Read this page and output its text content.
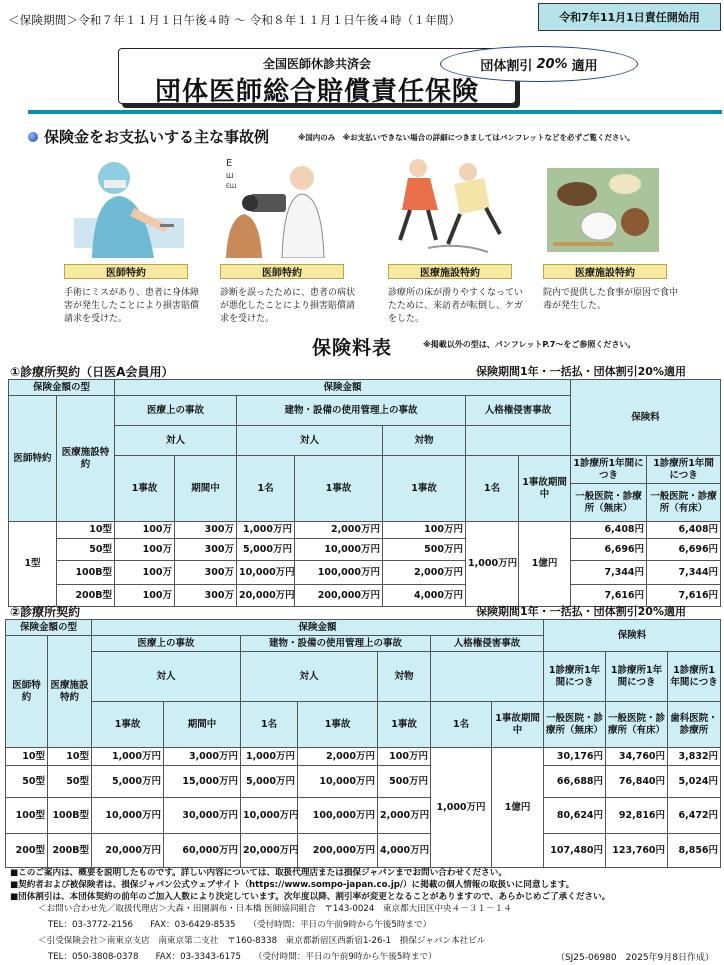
＜保険期間＞令和７年１１月１日午後４時 ～ 令和８年１１月１日午後４時（１年間）	令和7年11月1日責任開始用
全国医師休診共済会
団体医師総合賠償責任保険
団体割引 20% 適用
保険金をお支払いする主な事故例	※国内のみ　※お支払いできない場合の詳細につきましてはパンフレットなどを必ずご覧ください。
医師特約
手術にミスがあり、患者に身体障害が発生したことにより損害賠償請求を受けた。
E
Ш
ЕШ
医師特約
診断を誤ったために、患者の病状が悪化したことにより損害賠償請求を受けた。
医療施設特約
診療所の床が滑りやすくなっていたために、来訪者が転倒し、ケガをした。
医療施設特約
院内で提供した食事が原因で食中毒が発生した。
保険料表	※掲載以外の型は、パンフレットP.7～をご参照ください。
①診療所契約（日医A会員用）	保険期間1年・一括払・団体割引20%適用
保険金額の型		保険金額							保険料	
医師特約	医療施設特約	医療上の事故		建物・設備の使用管理上の事故			人格権侵害事故			
		対人		対人		対物				
		1事故	期間中	1名	1事故	1事故	1名	1事故期間中	1診療所1年間につき	1診療所1年間につき
									一般医院・診療所（無床）	一般医院・診療所（有床）
1型	10型	100万	300万	1,000万円	2,000万円	100万円	1,000万円	1億円	6,408円	6,408円
	50型	100万	300万	5,000万円	10,000万円	500万円			6,696円	6,696円
	100B型	100万	300万	10,000万円	100,000万円	2,000万円			7,344円	7,344円
	200B型	100万	300万	20,000万円	200,000万円	4,000万円			7,616円	7,616円
②診療所契約	保険期間1年・一括払・団体割引20%適用
保険金額の型		保険金額							保険料		
医師特約	医療施設特約	医療上の事故		建物・設備の使用管理上の事故			人格権侵害事故				
		対人		対人		対物			1診療所1年間につき	1診療所1年間につき	1診療所1年間につき
		1事故	期間中	1名	1事故	1事故	1名	1事故期間中	一般医院・診療所（無床）	一般医院・診療所（有床）	歯科医院・診療所

10型	10型	1,000万円	3,000万円	1,000万円	2,000万円	100万円	1,000万円	1億円	30,176円	34,760円	3,832円
50型	50型	5,000万円	15,000万円	5,000万円	10,000万円	500万円			66,688円	76,840円	5,024円
100型	100B型	10,000万円	30,000万円	10,000万円	100,000万円	2,000万円			80,624円	92,816円	6,472円
200型	200B型	20,000万円	60,000万円	20,000万円	200,000万円	4,000万円			107,480円	123,760円	8,856円
■このご案内は、概要を説明したものです。詳しい内容については、取扱代理店または損保ジャパンまでお問い合わせください。
■契約者および被保険者は、損保ジャパン公式ウェブサイト（https://www.sompo-japan.co.jp/）に掲載の個人情報の取扱いに同意します。
■団体割引は、本団体契約の前年のご加入人数により決定しています。次年度以降、割引率が変更となることがありますので、あらかじめご了承ください。
＜お問い合わせ先／取扱代理店＞大森・田園調布・日本橋 医師協同組合　〒143-0024　東京都大田区中央４－３１－１４
TEL：03-3772-2156　　FAX：03-6429-8535　　（受付時間：平日の午前9時から午後5時まで）
＜引受保険会社＞南東京支店　南東京第二支社　〒160-8338　東京都新宿区西新宿1-26-1　損保ジャパン本社ビル
TEL：050-3808-0378　　FAX：03-3343-6175　　（受付時間：平日の午前9時から午後5時まで）	（SJ25-06980　2025年9月8日作成）
